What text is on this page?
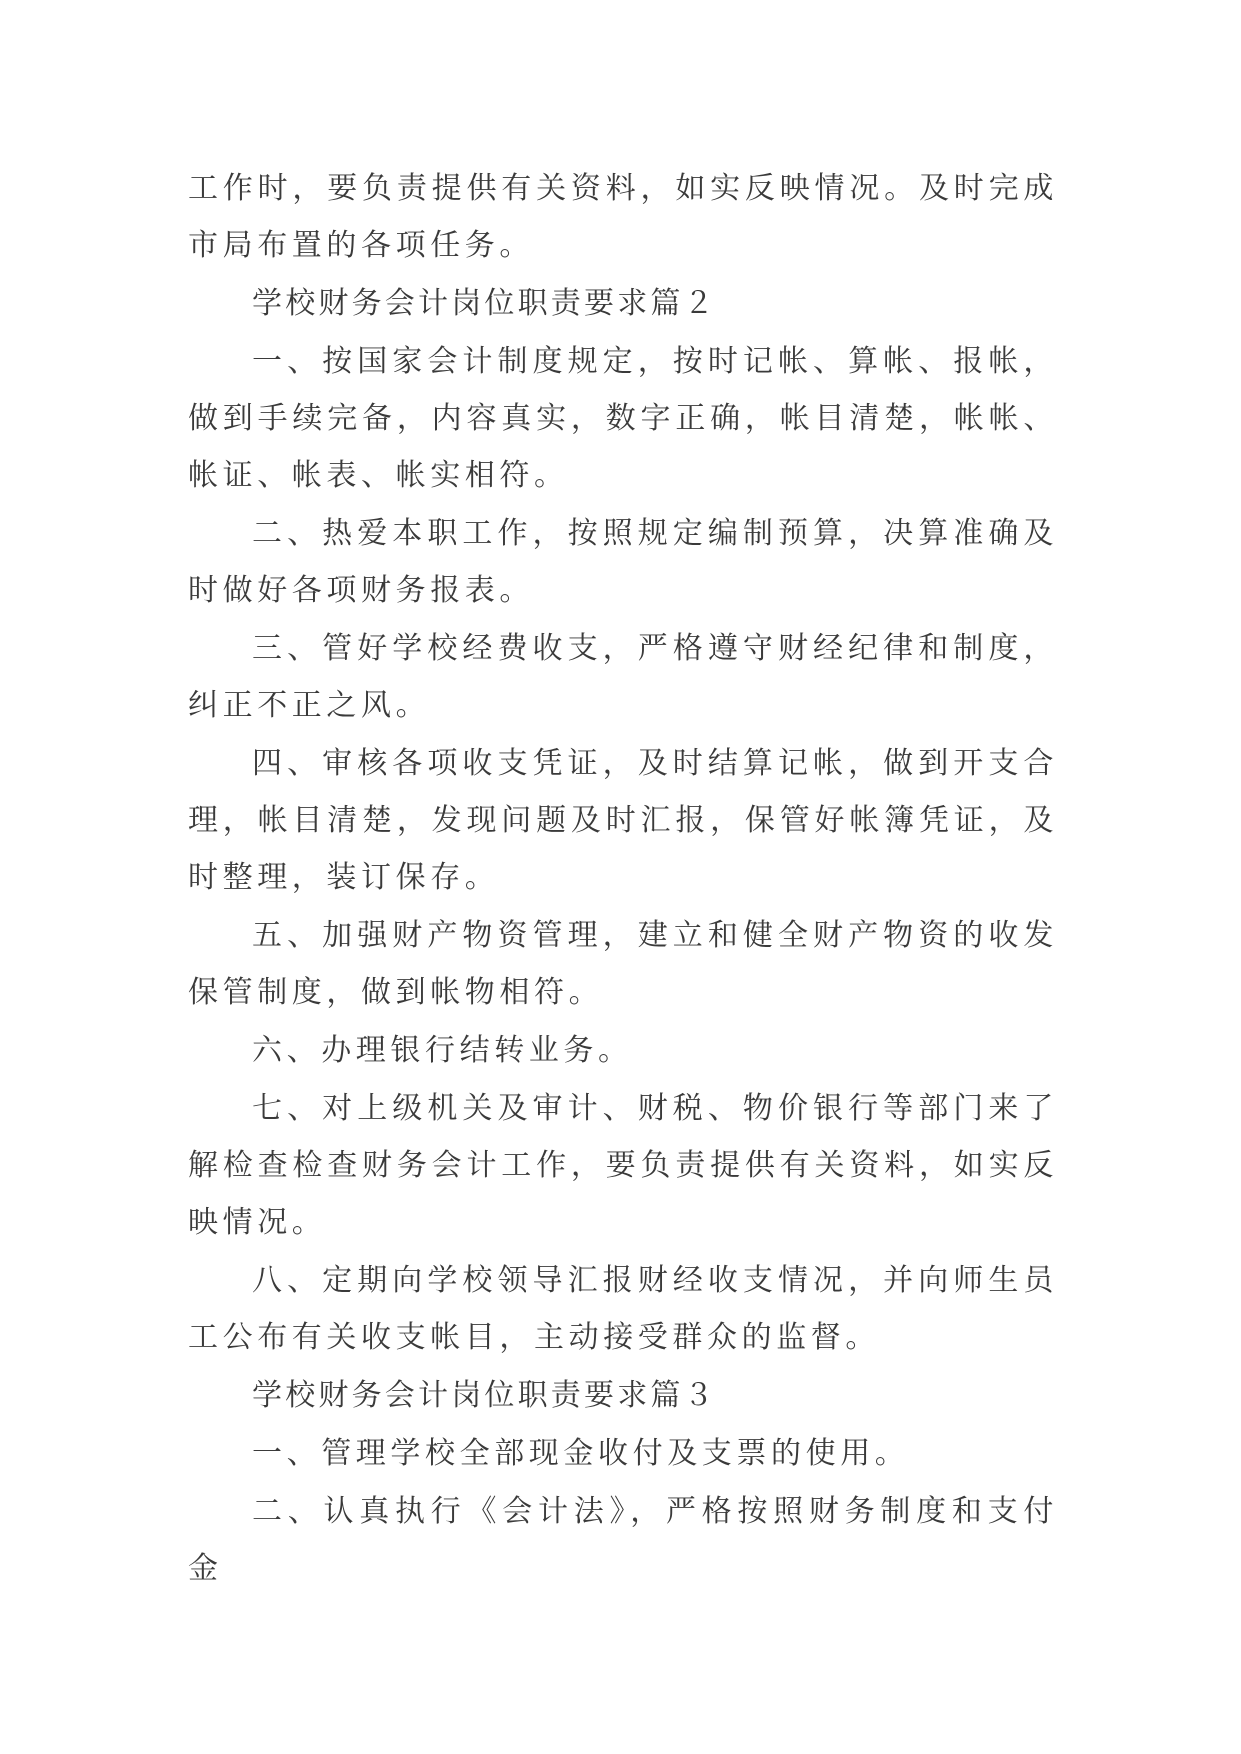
工作时，要负责提供有关资料，如实反映情况。及时完成市局布置的各项任务。

学校财务会计岗位职责要求篇２

一、按国家会计制度规定，按时记帐、算帐、报帐，做到手续完备，内容真实，数字正确，帐目清楚，帐帐、帐证、帐表、帐实相符。

二、热爱本职工作，按照规定编制预算，决算准确及时做好各项财务报表。

三、管好学校经费收支，严格遵守财经纪律和制度，纠正不正之风。

四、审核各项收支凭证，及时结算记帐，做到开支合理，帐目清楚，发现问题及时汇报，保管好帐簿凭证，及时整理，装订保存。

五、加强财产物资管理，建立和健全财产物资的收发保管制度，做到帐物相符。

六、办理银行结转业务。

七、对上级机关及审计、财税、物价银行等部门来了解检查检查财务会计工作，要负责提供有关资料，如实反映情况。

八、定期向学校领导汇报财经收支情况，并向师生员工公布有关收支帐目，主动接受群众的监督。

学校财务会计岗位职责要求篇３

一、管理学校全部现金收付及支票的使用。

二、认真执行《会计法》，严格按照财务制度和支付金
